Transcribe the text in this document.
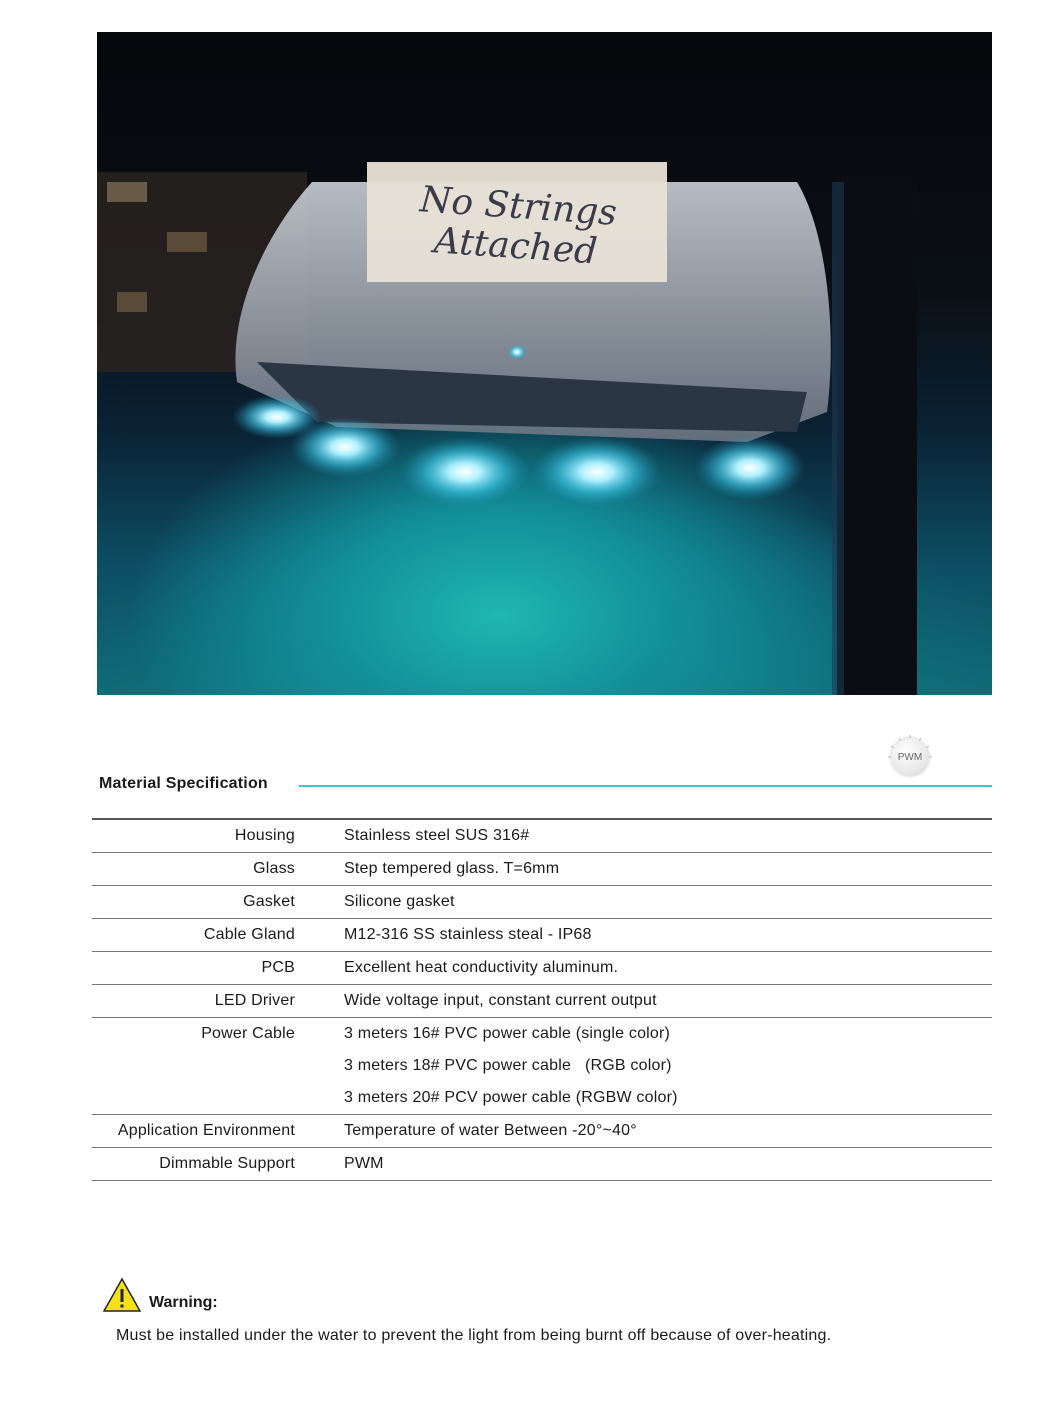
No Strings
Attached
PWM
Material Specification
Housing	Stainless steel SUS 316#
Glass	Step tempered glass. T=6mm
Gasket	Silicone gasket
Cable Gland	M12-316 SS stainless steal - IP68
PCB	Excellent heat conductivity aluminum.
LED Driver	Wide voltage input, constant current output
Power Cable	3 meters 16# PVC power cable (single color)
3 meters 18# PVC power cable   (RGB color)
3 meters 20# PCV power cable (RGBW color)
Application Environment	Temperature of water Between -20°~40°
Dimmable Support	PWM
Warning:
Must be installed under the water to prevent the light from being burnt off because of over-heating.
